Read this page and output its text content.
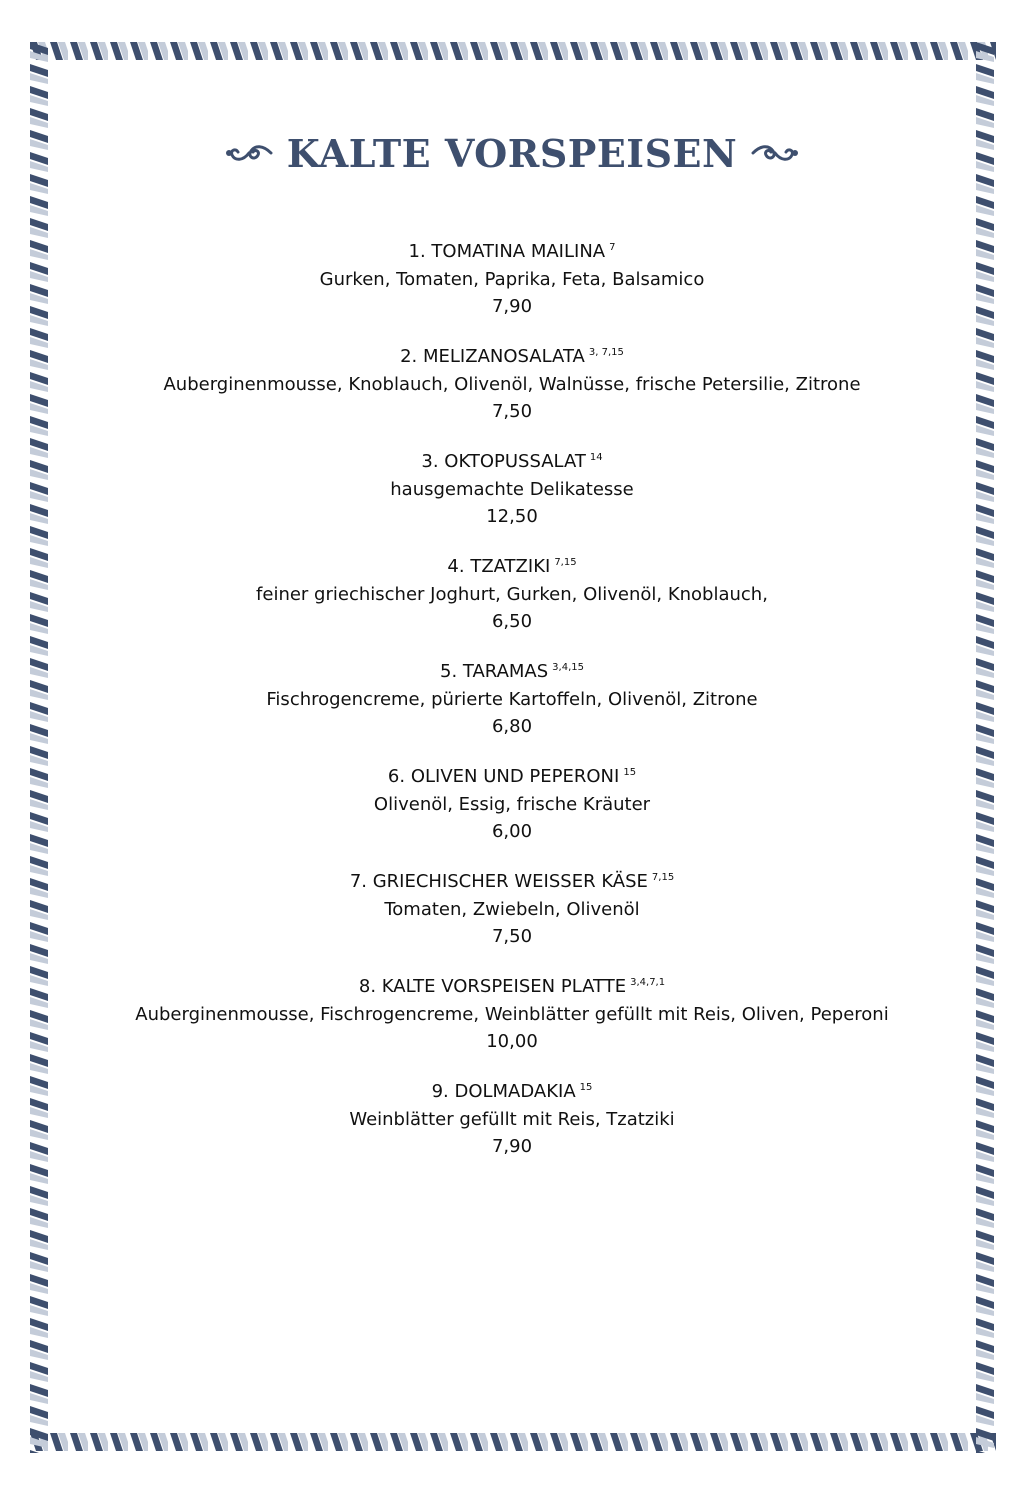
KALTE VORSPEISEN
1. TOMATINA MAILINA $^7$
Gurken, Tomaten, Paprika, Feta, Balsamico
7,90
2. MELIZANOSALATA $^{3, 7,15}$
Auberginenmousse, Knoblauch, Olivenöl, Walnüsse, frische Petersilie, Zitrone
7,50
3. OKTOPUSSALAT $^{14}$
hausgemachte Delikatesse
12,50
4. TZATZIKI $^{7,15}$
feiner griechischer Joghurt, Gurken, Olivenöl, Knoblauch,
6,50
5. TARAMAS $^{3,4,15}$
Fischrogencreme, pürierte Kartoffeln, Olivenöl, Zitrone
6,80
6. OLIVEN UND PEPERONI $^{15}$
Olivenöl, Essig, frische Kräuter
6,00
7. GRIECHISCHER WEISSER KÄSE $^{7,15}$
Tomaten, Zwiebeln, Olivenöl
7,50
8. KALTE VORSPEISEN PLATTE $^{3,4,7,1}$
Auberginenmousse, Fischrogencreme, Weinblätter gefüllt mit Reis, Oliven, Peperoni
10,00
9. DOLMADAKIA $^{15}$
Weinblätter gefüllt mit Reis, Tzatziki
7,90
